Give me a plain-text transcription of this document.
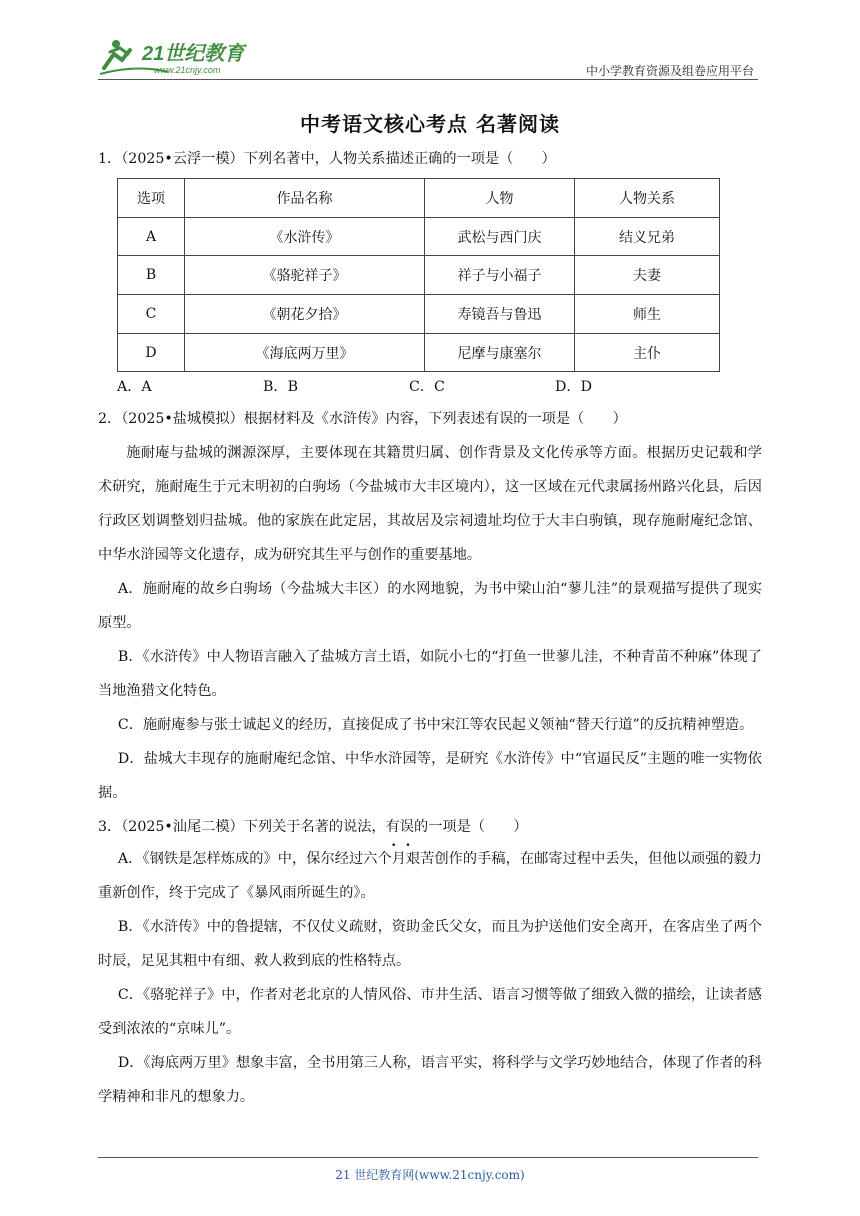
21世纪教育
www.21cnjy.com	中小学教育资源及组卷应用平台
中考语文核心考点 名著阅读
1．（2025•云浮一模）下列名著中，人物关系描述正确的一项是（　　）
选项	作品名称	人物	人物关系
A	《水浒传》	武松与西门庆	结义兄弟
B	《骆驼祥子》	祥子与小福子	夫妻
C	《朝花夕拾》	寿镜吾与鲁迅	师生
D	《海底两万里》	尼摩与康塞尔	主仆
A．A	B．B	C．C	D．D
2．（2025•盐城模拟）根据材料及《水浒传》内容，下列表述有误的一项是（　　）
施耐庵与盐城的渊源深厚，主要体现在其籍贯归属、创作背景及文化传承等方面。根据历史记载和学术研究，施耐庵生于元末明初的白驹场（今盐城市大丰区境内），这一区域在元代隶属扬州路兴化县，后因行政区划调整划归盐城。他的家族在此定居，其故居及宗祠遗址均位于大丰白驹镇，现存施耐庵纪念馆、中华水浒园等文化遗存，成为研究其生平与创作的重要基地。
A．施耐庵的故乡白驹场（今盐城大丰区）的水网地貌，为书中梁山泊“蓼儿洼”的景观描写提供了现实原型。
B．《水浒传》中人物语言融入了盐城方言土语，如阮小七的“打鱼一世蓼儿洼，不种青苗不种麻”体现了当地渔猎文化特色。
C．施耐庵参与张士诚起义的经历，直接促成了书中宋江等农民起义领袖“替天行道”的反抗精神塑造。
D．盐城大丰现存的施耐庵纪念馆、中华水浒园等，是研究《水浒传》中“官逼民反”主题的唯一实物依据。
3．（2025•汕尾二模）下列关于名著的说法，有误的一项是（　　）
A．《钢铁是怎样炼成的》中，保尔经过六个月艰苦创作的手稿，在邮寄过程中丢失，但他以顽强的毅力重新创作，终于完成了《暴风雨所诞生的》。
B．《水浒传》中的鲁提辖，不仅仗义疏财，资助金氏父女，而且为护送他们安全离开，在客店坐了两个时辰，足见其粗中有细、救人救到底的性格特点。
C．《骆驼祥子》中，作者对老北京的人情风俗、市井生活、语言习惯等做了细致入微的描绘，让读者感受到浓浓的“京味儿”。
D．《海底两万里》想象丰富，全书用第三人称，语言平实，将科学与文学巧妙地结合，体现了作者的科学精神和非凡的想象力。
21 世纪教育网(www.21cnjy.com)
